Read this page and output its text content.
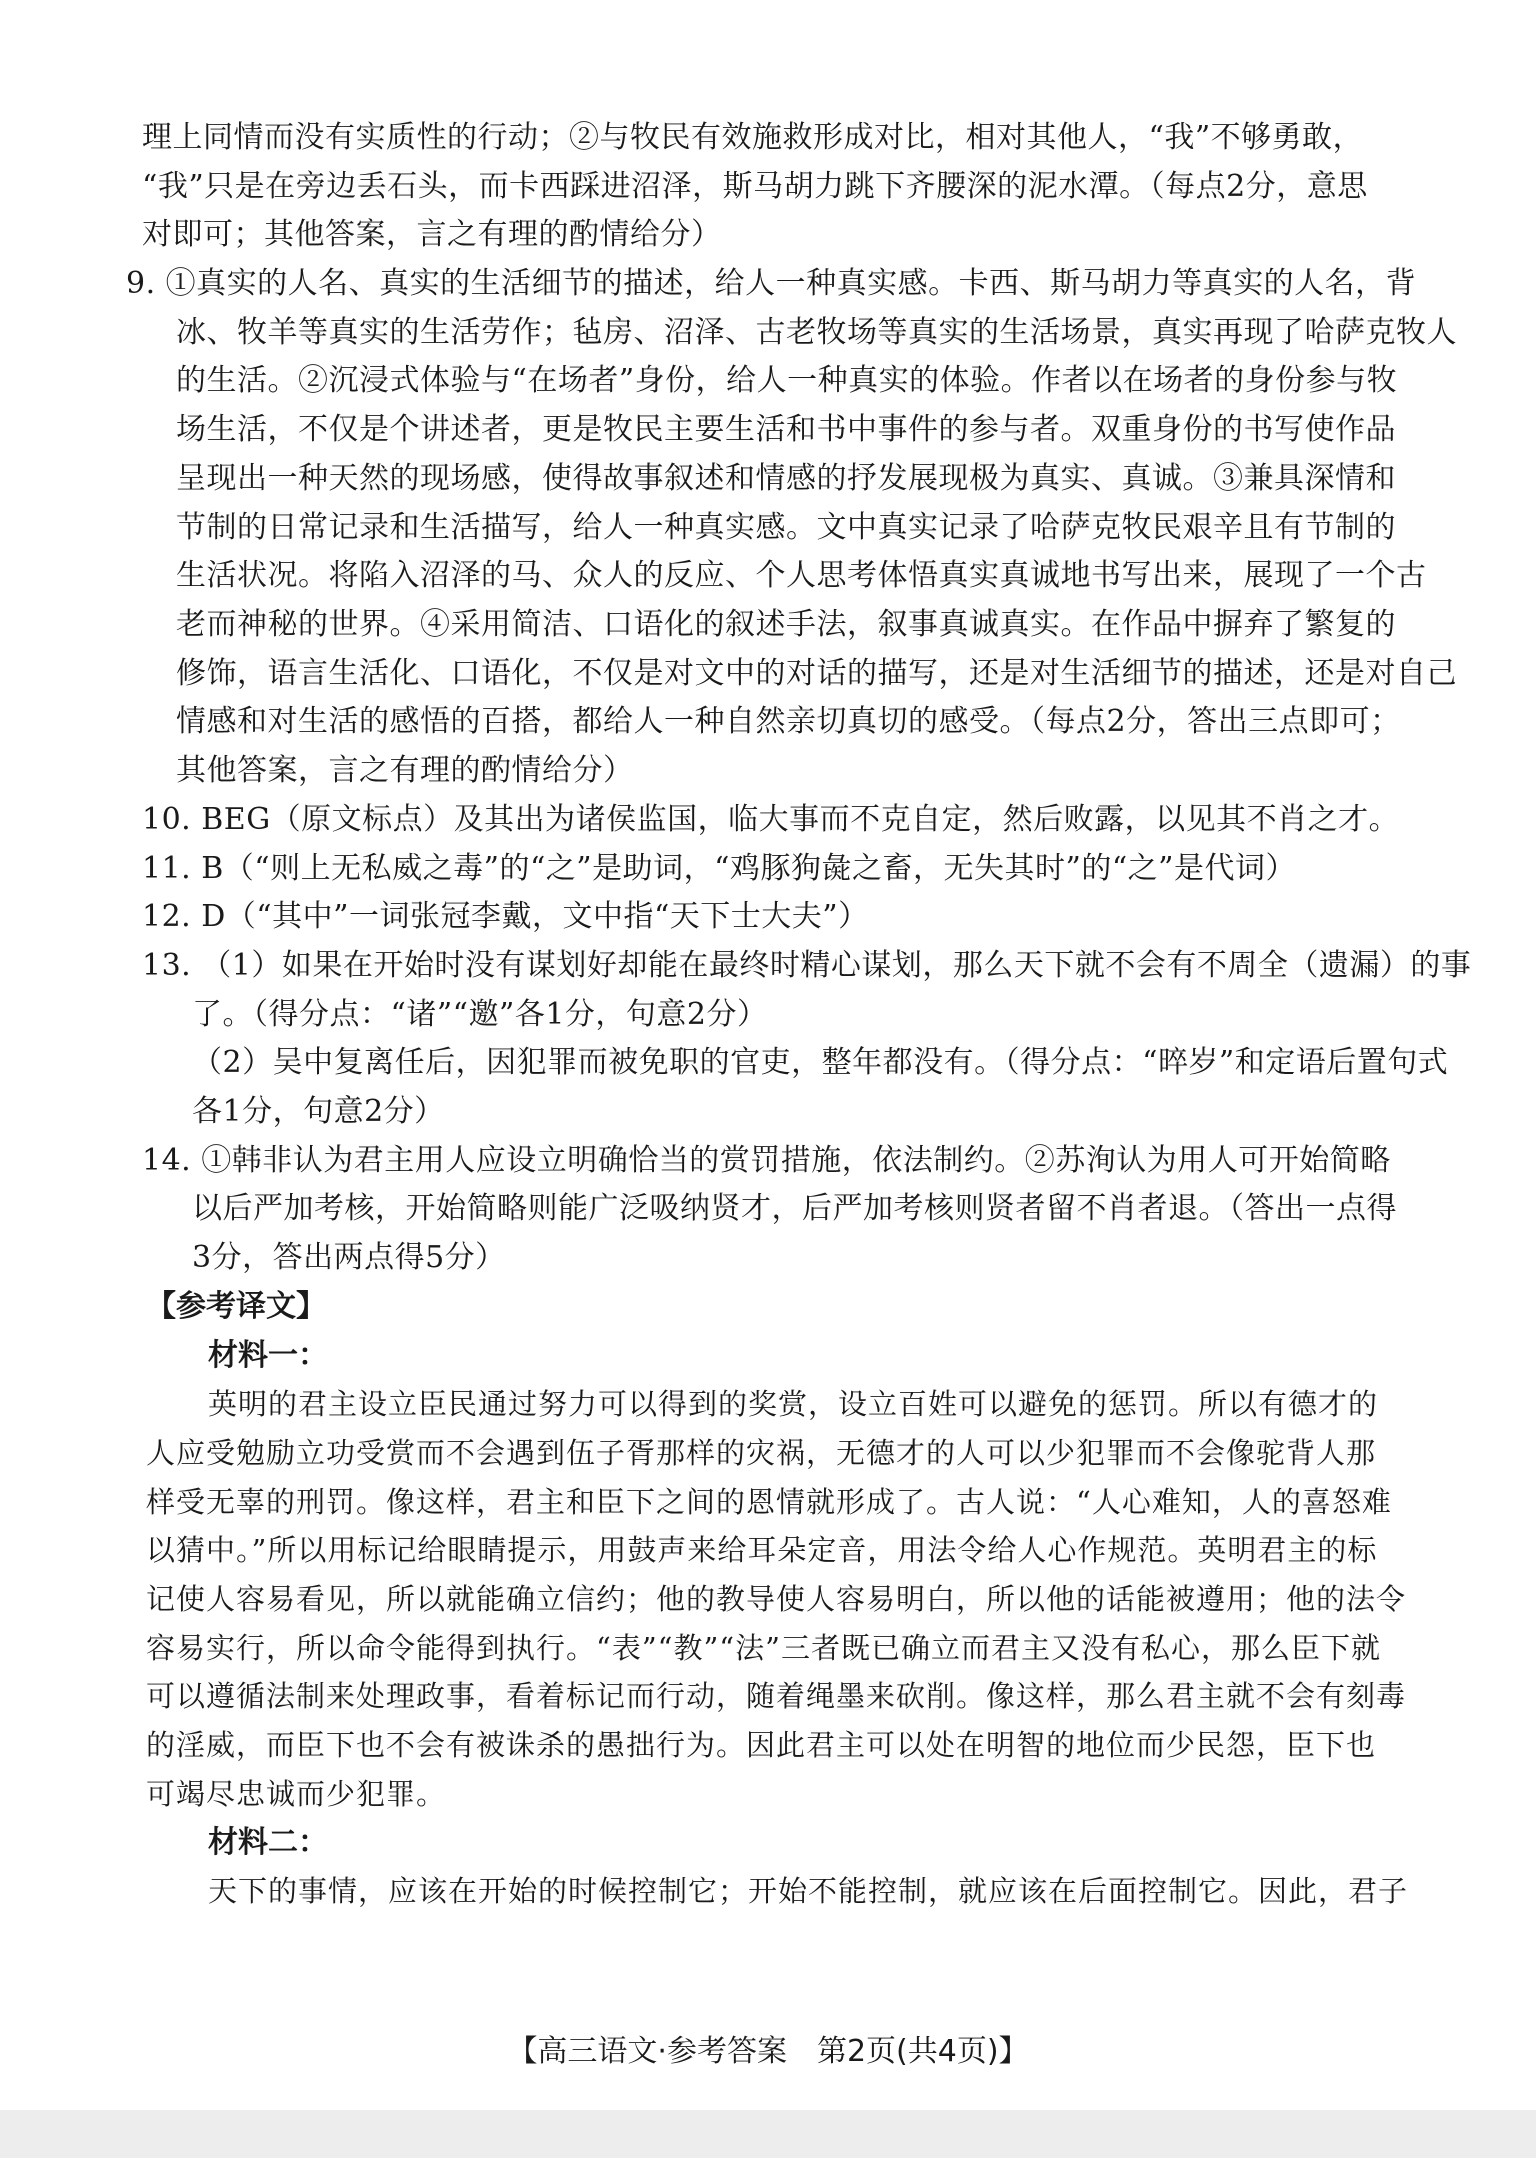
理上同情而没有实质性的行动；②与牧民有效施救形成对比，相对其他人，“我”不够勇敢，
“我”只是在旁边丢石头，而卡西踩进沼泽，斯马胡力跳下齐腰深的泥水潭。（每点2分，意思
对即可；其他答案，言之有理的酌情给分）
9. ①真实的人名、真实的生活细节的描述，给人一种真实感。卡西、斯马胡力等真实的人名，背
冰、牧羊等真实的生活劳作；毡房、沼泽、古老牧场等真实的生活场景，真实再现了哈萨克牧人
的生活。②沉浸式体验与“在场者”身份，给人一种真实的体验。作者以在场者的身份参与牧
场生活，不仅是个讲述者，更是牧民主要生活和书中事件的参与者。双重身份的书写使作品
呈现出一种天然的现场感，使得故事叙述和情感的抒发展现极为真实、真诚。③兼具深情和
节制的日常记录和生活描写，给人一种真实感。文中真实记录了哈萨克牧民艰辛且有节制的
生活状况。将陷入沼泽的马、众人的反应、个人思考体悟真实真诚地书写出来，展现了一个古
老而神秘的世界。④采用简洁、口语化的叙述手法，叙事真诚真实。在作品中摒弃了繁复的
修饰，语言生活化、口语化，不仅是对文中的对话的描写，还是对生活细节的描述，还是对自己
情感和对生活的感悟的百搭，都给人一种自然亲切真切的感受。（每点2分，答出三点即可；
其他答案，言之有理的酌情给分）
10. BEG（原文标点）及其出为诸侯监国，临大事而不克自定，然后败露，以见其不肖之才。
11. B（“则上无私威之毒”的“之”是助词，“鸡豚狗彘之畜，无失其时”的“之”是代词）
12. D（“其中”一词张冠李戴，文中指“天下士大夫”）
13. （1）如果在开始时没有谋划好却能在最终时精心谋划，那么天下就不会有不周全（遗漏）的事
了。（得分点：“诸”“邀”各1分，句意2分）
（2）吴中复离任后，因犯罪而被免职的官吏，整年都没有。（得分点：“晬岁”和定语后置句式
各1分，句意2分）
14. ①韩非认为君主用人应设立明确恰当的赏罚措施，依法制约。②苏洵认为用人可开始简略
以后严加考核，开始简略则能广泛吸纳贤才，后严加考核则贤者留不肖者退。（答出一点得
3分，答出两点得5分）
【参考译文】
材料一：
英明的君主设立臣民通过努力可以得到的奖赏，设立百姓可以避免的惩罚。所以有德才的
人应受勉励立功受赏而不会遇到伍子胥那样的灾祸，无德才的人可以少犯罪而不会像驼背人那
样受无辜的刑罚。像这样，君主和臣下之间的恩情就形成了。古人说：“人心难知，人的喜怒难
以猜中。”所以用标记给眼睛提示，用鼓声来给耳朵定音，用法令给人心作规范。英明君主的标
记使人容易看见，所以就能确立信约；他的教导使人容易明白，所以他的话能被遵用；他的法令
容易实行，所以命令能得到执行。“表”“教”“法”三者既已确立而君主又没有私心，那么臣下就
可以遵循法制来处理政事，看着标记而行动，随着绳墨来砍削。像这样，那么君主就不会有刻毒
的淫威，而臣下也不会有被诛杀的愚拙行为。因此君主可以处在明智的地位而少民怨，臣下也
可竭尽忠诚而少犯罪。
【高三语文·参考答案　第2页(共4页)】
材料二：
天下的事情，应该在开始的时候控制它；开始不能控制，就应该在后面控制它。因此，君子
